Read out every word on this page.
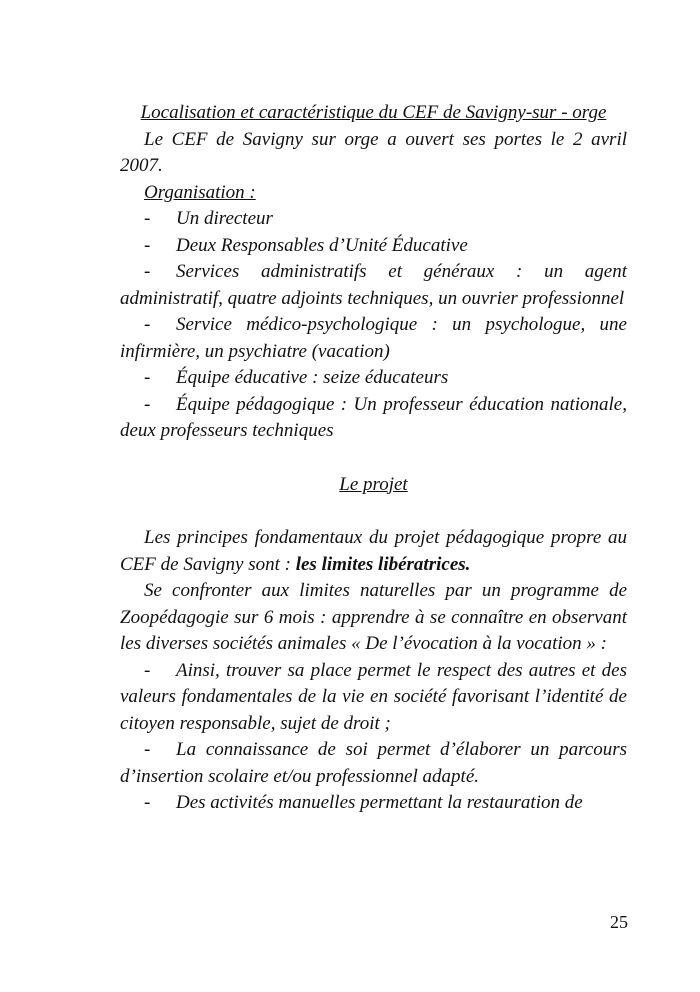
Localisation et caractéristique du CEF de Savigny-sur - orge

Le CEF de Savigny sur orge a ouvert ses portes le 2 avril 2007.

Organisation :

- Un directeur

- Deux Responsables d’Unité Éducative

- Services administratifs et généraux : un agent administratif, quatre adjoints techniques, un ouvrier professionnel

- Service médico-psychologique : un psychologue, une infirmière, un psychiatre (vacation)

- Équipe éducative : seize éducateurs

- Équipe pédagogique : Un professeur éducation nationale, deux professeurs techniques

Le projet

Les principes fondamentaux du projet pédagogique propre au CEF de Savigny sont : les limites libératrices.

Se confronter aux limites naturelles par un programme de Zoopédagogie sur 6 mois : apprendre à se connaître en observant les diverses sociétés animales « De l’évocation à la vocation » :

- Ainsi, trouver sa place permet le respect des autres et des valeurs fondamentales de la vie en société favorisant l’identité de citoyen responsable, sujet de droit ;

- La connaissance de soi permet d’élaborer un parcours d’insertion scolaire et/ou professionnel adapté.

- Des activités manuelles permettant la restauration de

25
